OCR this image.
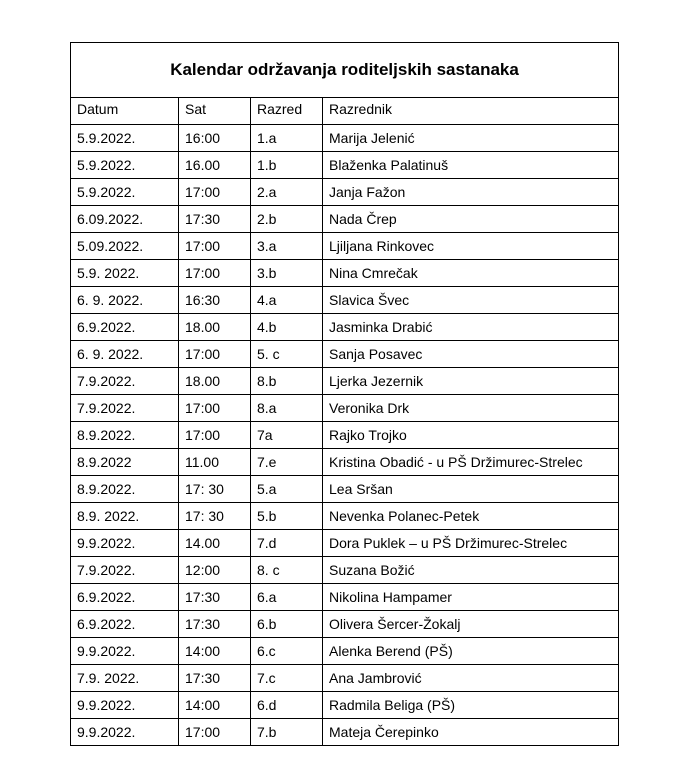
Kalendar održavanja roditeljskih sastanaka			
Datum	Sat	Razred	Razrednik
5.9.2022.	16:00	1.a	Marija Jelenić
5.9.2022.	16.00	1.b	Blaženka Palatinuš
5.9.2022.	17:00	2.a	Janja Fažon
6.09.2022.	17:30	2.b	Nada Črep
5.09.2022.	17:00	3.a	Ljiljana Rinkovec
5.9. 2022.	17:00	3.b	Nina Cmrečak
6. 9. 2022.	16:30	4.a	Slavica Švec
6.9.2022.	18.00	4.b	Jasminka Drabić
6. 9. 2022.	17:00	5. c	Sanja Posavec
7.9.2022.	18.00	8.b	Ljerka Jezernik
7.9.2022.	17:00	8.a	Veronika Drk
8.9.2022.	17:00	7a	Rajko Trojko
8.9.2022	11.00	7.e	Kristina Obadić - u PŠ Držimurec-Strelec
8.9.2022.	17: 30	5.a	Lea Sršan
8.9. 2022.	17: 30	5.b	Nevenka Polanec-Petek
9.9.2022.	14.00	7.d	Dora Puklek – u PŠ Držimurec-Strelec
7.9.2022.	12:00	8. c	Suzana Božić
6.9.2022.	17:30	6.a	Nikolina Hampamer
6.9.2022.	17:30	6.b	Olivera Šercer-Žokalj
9.9.2022.	14:00	6.c	Alenka Berend (PŠ)
7.9. 2022.	17:30	7.c	Ana Jambrović
9.9.2022.	14:00	6.d	Radmila Beliga (PŠ)
9.9.2022.	17:00	7.b	Mateja Čerepinko
